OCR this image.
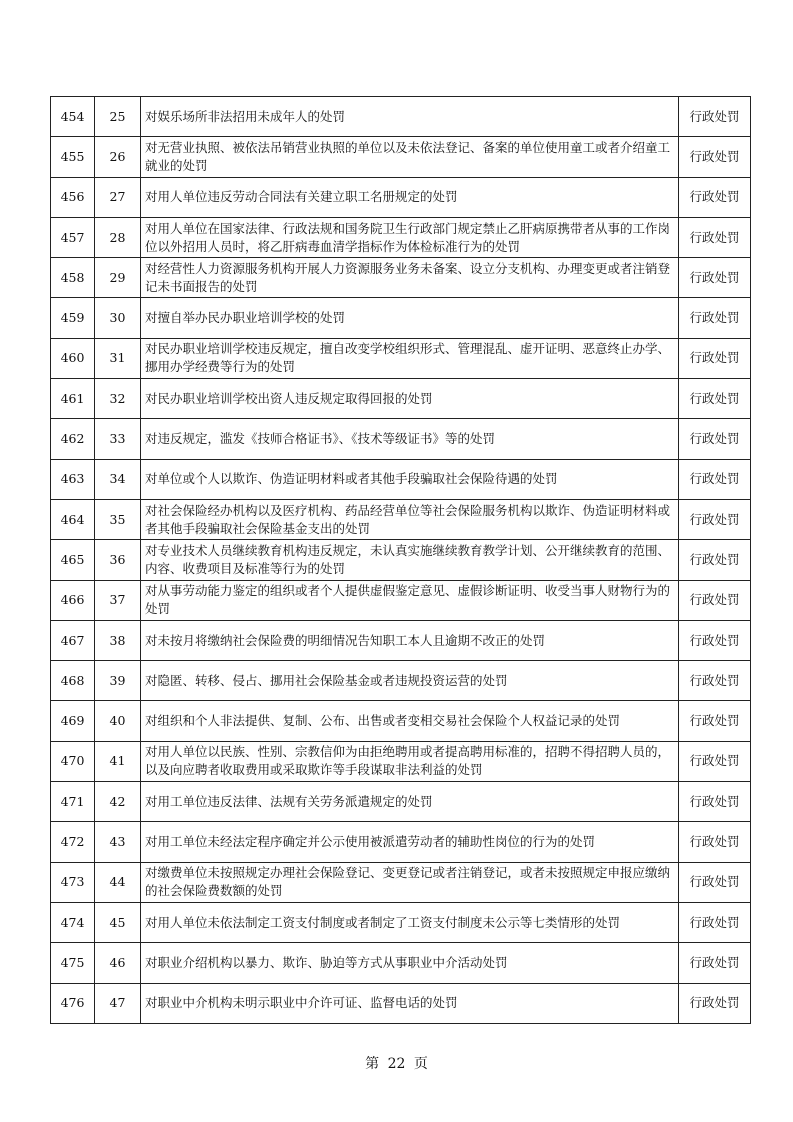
454	25	对娱乐场所非法招用未成年人的处罚	行政处罚
455	26	对无营业执照、被依法吊销营业执照的单位以及未依法登记、备案的单位使用童工或者介绍童工就业的处罚	行政处罚
456	27	对用人单位违反劳动合同法有关建立职工名册规定的处罚	行政处罚
457	28	对用人单位在国家法律、行政法规和国务院卫生行政部门规定禁止乙肝病原携带者从事的工作岗位以外招用人员时，将乙肝病毒血清学指标作为体检标准行为的处罚	行政处罚
458	29	对经营性人力资源服务机构开展人力资源服务业务未备案、设立分支机构、办理变更或者注销登记未书面报告的处罚	行政处罚
459	30	对擅自举办民办职业培训学校的处罚	行政处罚
460	31	对民办职业培训学校违反规定，擅自改变学校组织形式、管理混乱、虚开证明、恶意终止办学、挪用办学经费等行为的处罚	行政处罚
461	32	对民办职业培训学校出资人违反规定取得回报的处罚	行政处罚
462	33	对违反规定，滥发《技师合格证书》、《技术等级证书》等的处罚	行政处罚
463	34	对单位或个人以欺诈、伪造证明材料或者其他手段骗取社会保险待遇的处罚	行政处罚
464	35	对社会保险经办机构以及医疗机构、药品经营单位等社会保险服务机构以欺诈、伪造证明材料或者其他手段骗取社会保险基金支出的处罚	行政处罚
465	36	对专业技术人员继续教育机构违反规定，未认真实施继续教育教学计划、公开继续教育的范围、内容、收费项目及标准等行为的处罚	行政处罚
466	37	对从事劳动能力鉴定的组织或者个人提供虚假鉴定意见、虚假诊断证明、收受当事人财物行为的处罚	行政处罚
467	38	对未按月将缴纳社会保险费的明细情况告知职工本人且逾期不改正的处罚	行政处罚
468	39	对隐匿、转移、侵占、挪用社会保险基金或者违规投资运营的处罚	行政处罚
469	40	对组织和个人非法提供、复制、公布、出售或者变相交易社会保险个人权益记录的处罚	行政处罚
470	41	对用人单位以民族、性别、宗教信仰为由拒绝聘用或者提高聘用标准的，招聘不得招聘人员的，以及向应聘者收取费用或采取欺诈等手段谋取非法利益的处罚	行政处罚
471	42	对用工单位违反法律、法规有关劳务派遣规定的处罚	行政处罚
472	43	对用工单位未经法定程序确定并公示使用被派遣劳动者的辅助性岗位的行为的处罚	行政处罚
473	44	对缴费单位未按照规定办理社会保险登记、变更登记或者注销登记，或者未按照规定申报应缴纳的社会保险费数额的处罚	行政处罚
474	45	对用人单位未依法制定工资支付制度或者制定了工资支付制度未公示等七类情形的处罚	行政处罚
475	46	对职业介绍机构以暴力、欺诈、胁迫等方式从事职业中介活动处罚	行政处罚
476	47	对职业中介机构未明示职业中介许可证、监督电话的处罚	行政处罚
第 22 页
